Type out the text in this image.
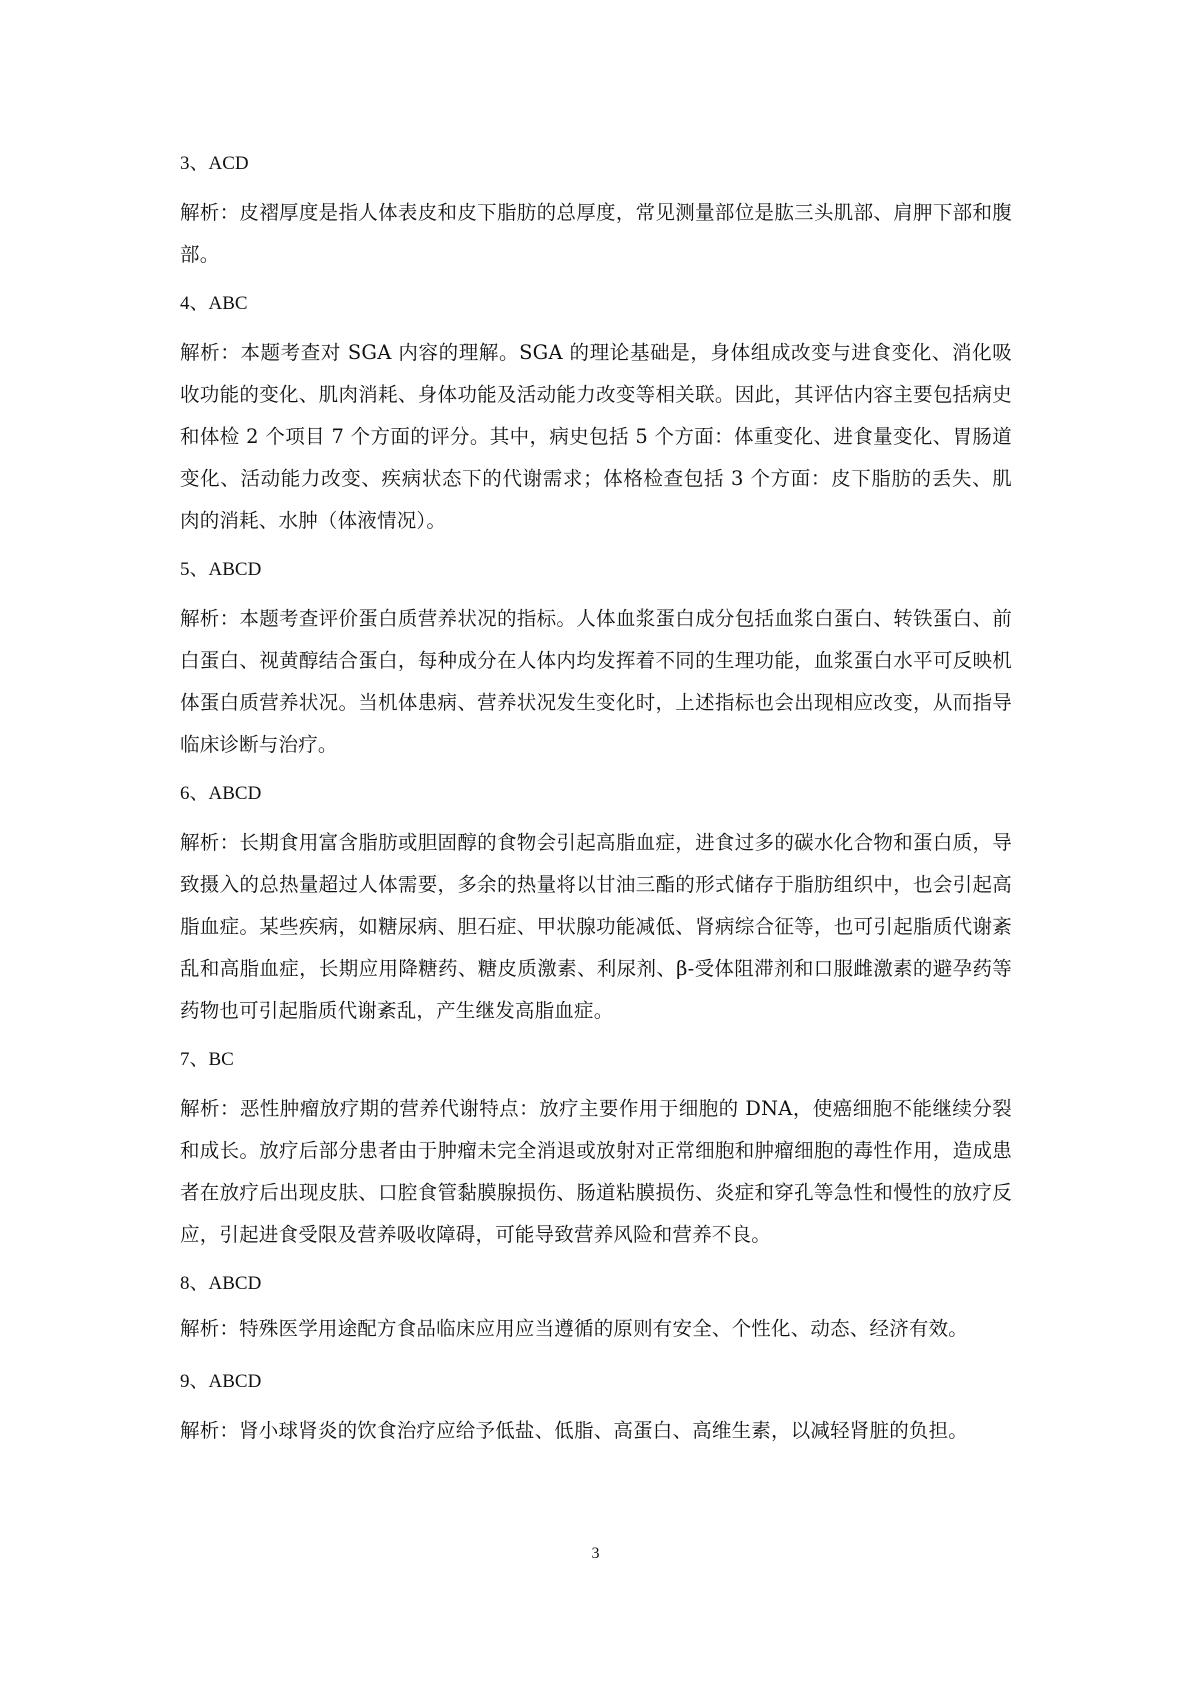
3、ACD
解析：皮褶厚度是指人体表皮和皮下脂肪的总厚度，常见测量部位是肱三头肌部、肩胛下部和腹部。
4、ABC
解析：本题考查对 SGA 内容的理解。SGA 的理论基础是，身体组成改变与进食变化、消化吸收功能的变化、肌肉消耗、身体功能及活动能力改变等相关联。因此，其评估内容主要包括病史和体检 2 个项目 7 个方面的评分。其中，病史包括 5 个方面：体重变化、进食量变化、胃肠道变化、活动能力改变、疾病状态下的代谢需求；体格检查包括 3 个方面：皮下脂肪的丢失、肌肉的消耗、水肿（体液情况）。
5、ABCD
解析：本题考查评价蛋白质营养状况的指标。人体血浆蛋白成分包括血浆白蛋白、转铁蛋白、前白蛋白、视黄醇结合蛋白，每种成分在人体内均发挥着不同的生理功能，血浆蛋白水平可反映机体蛋白质营养状况。当机体患病、营养状况发生变化时，上述指标也会出现相应改变，从而指导临床诊断与治疗。
6、ABCD
解析：长期食用富含脂肪或胆固醇的食物会引起高脂血症，进食过多的碳水化合物和蛋白质，导致摄入的总热量超过人体需要，多余的热量将以甘油三酯的形式储存于脂肪组织中，也会引起高脂血症。某些疾病，如糖尿病、胆石症、甲状腺功能减低、肾病综合征等，也可引起脂质代谢紊乱和高脂血症，长期应用降糖药、糖皮质激素、利尿剂、β-受体阻滞剂和口服雌激素的避孕药等药物也可引起脂质代谢紊乱，产生继发高脂血症。
7、BC
解析：恶性肿瘤放疗期的营养代谢特点：放疗主要作用于细胞的 DNA，使癌细胞不能继续分裂和成长。放疗后部分患者由于肿瘤未完全消退或放射对正常细胞和肿瘤细胞的毒性作用，造成患者在放疗后出现皮肤、口腔食管黏膜腺损伤、肠道粘膜损伤、炎症和穿孔等急性和慢性的放疗反应，引起进食受限及营养吸收障碍，可能导致营养风险和营养不良。
8、ABCD
解析：特殊医学用途配方食品临床应用应当遵循的原则有安全、个性化、动态、经济有效。
9、ABCD
解析：肾小球肾炎的饮食治疗应给予低盐、低脂、高蛋白、高维生素，以减轻肾脏的负担。
3
